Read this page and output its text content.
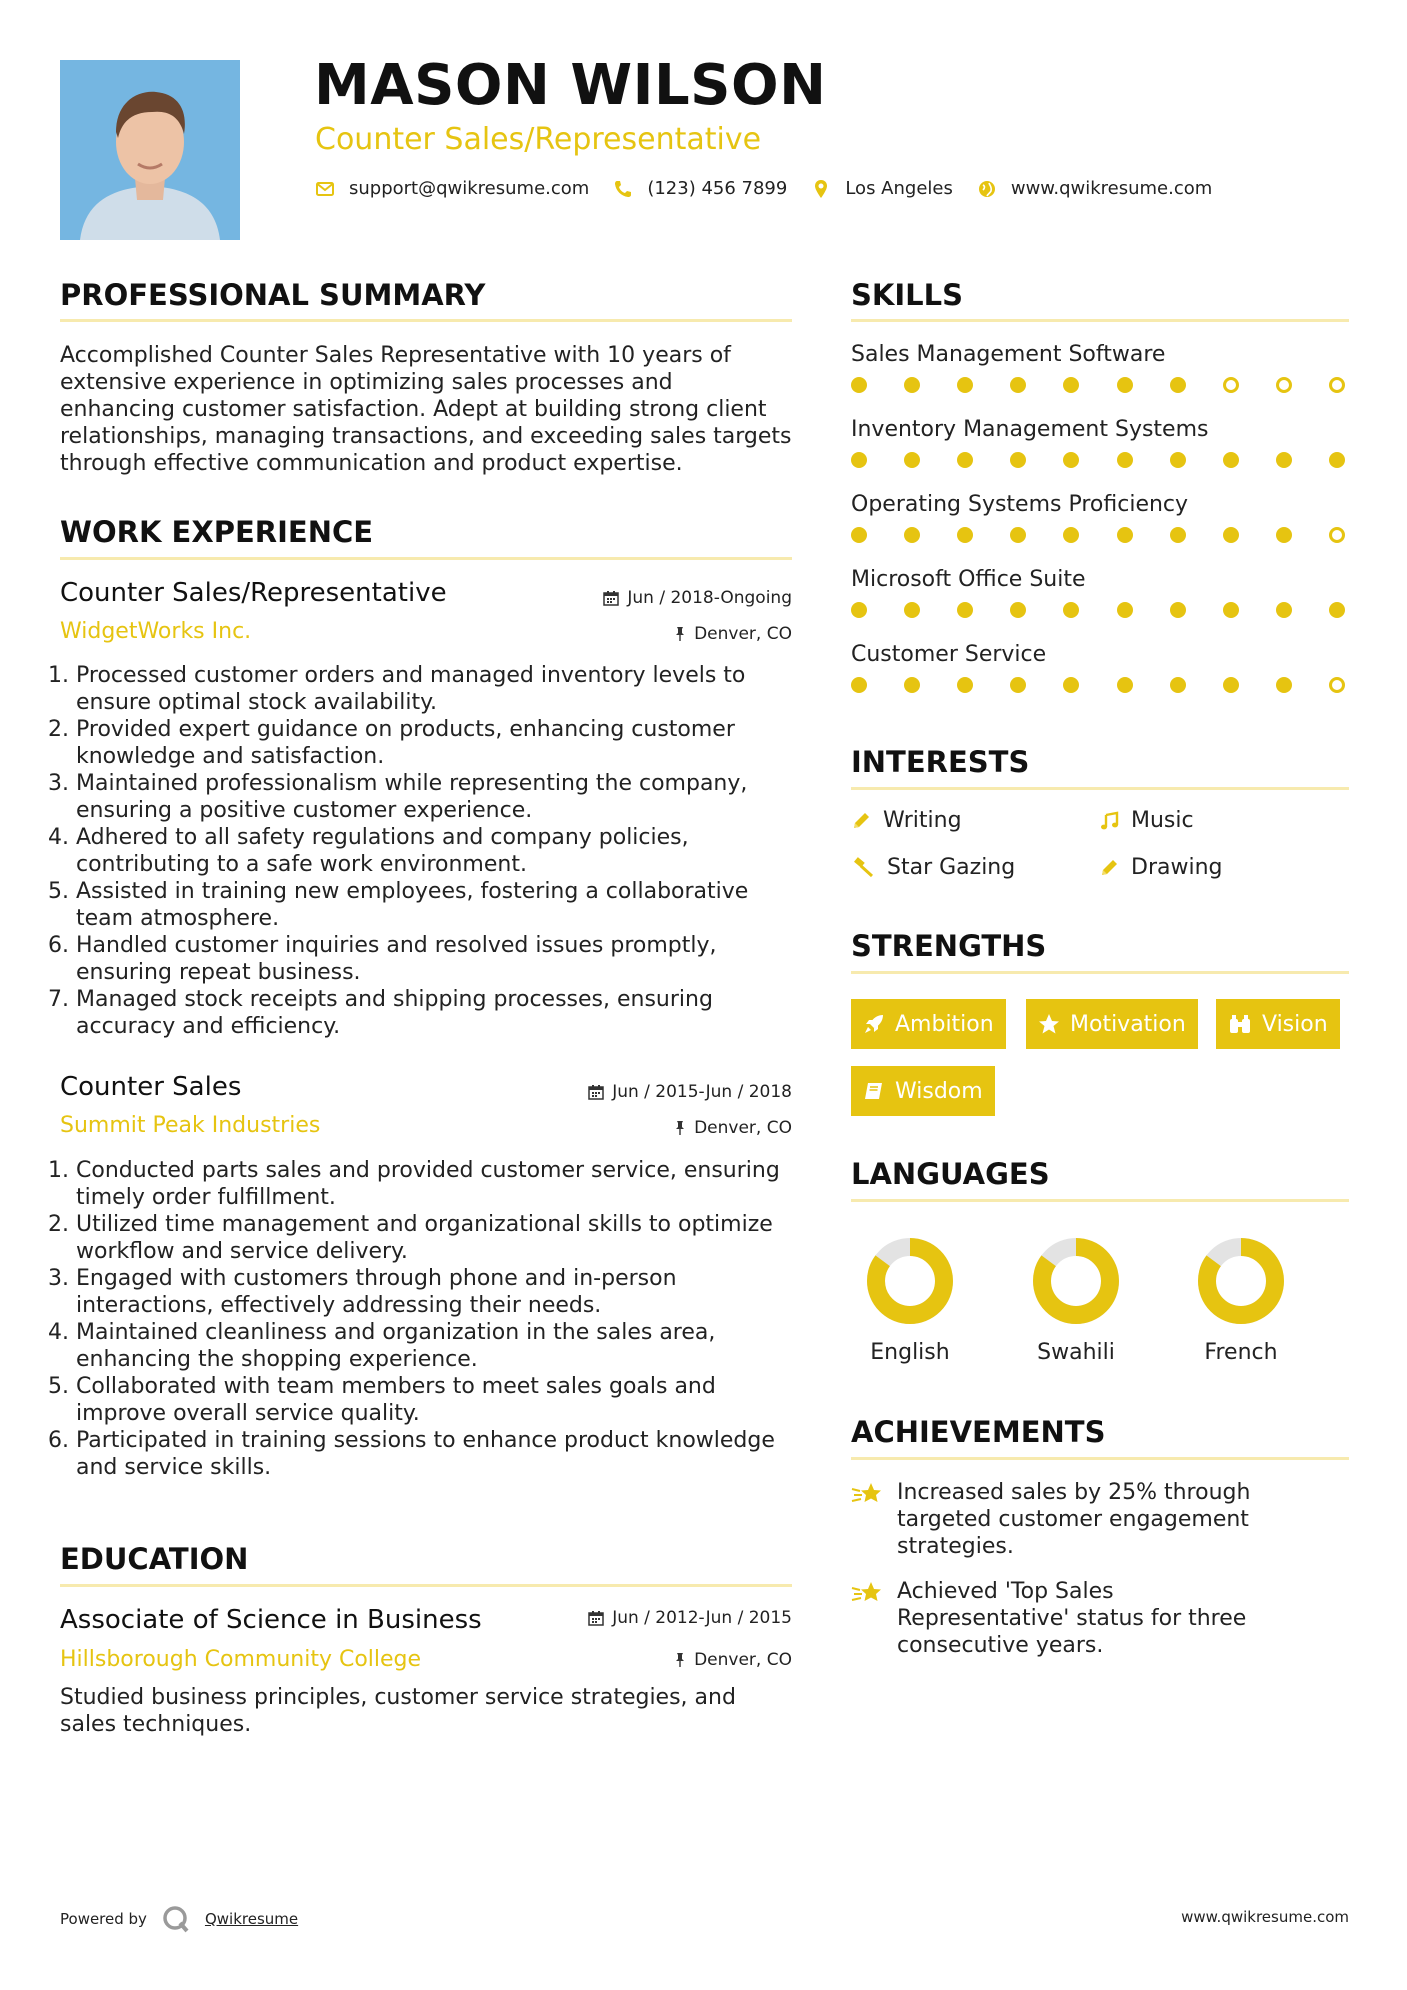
MASON WILSON
Counter Sales/Representative
support@qwikresume.com	(123) 456 7899	Los Angeles	www.qwikresume.com
PROFESSIONAL SUMMARY
Accomplished Counter Sales Representative with 10 years of extensive experience in optimizing sales processes and enhancing customer satisfaction. Adept at building strong client relationships, managing transactions, and exceeding sales targets through effective communication and product expertise.
WORK EXPERIENCE
Counter Sales/Representative	Jun / 2018-Ongoing
WidgetWorks Inc.	Denver, CO
1. Processed customer orders and managed inventory levels to ensure optimal stock availability.
2. Provided expert guidance on products, enhancing customer knowledge and satisfaction.
3. Maintained professionalism while representing the company, ensuring a positive customer experience.
4. Adhered to all safety regulations and company policies, contributing to a safe work environment.
5. Assisted in training new employees, fostering a collaborative team atmosphere.
6. Handled customer inquiries and resolved issues promptly, ensuring repeat business.
7. Managed stock receipts and shipping processes, ensuring accuracy and efficiency.
Counter Sales	Jun / 2015-Jun / 2018
Summit Peak Industries	Denver, CO
1. Conducted parts sales and provided customer service, ensuring timely order fulfillment.
2. Utilized time management and organizational skills to optimize workflow and service delivery.
3. Engaged with customers through phone and in-person interactions, effectively addressing their needs.
4. Maintained cleanliness and organization in the sales area, enhancing the shopping experience.
5. Collaborated with team members to meet sales goals and improve overall service quality.
6. Participated in training sessions to enhance product knowledge and service skills.
EDUCATION
Associate of Science in Business	Jun / 2012-Jun / 2015
Hillsborough Community College	Denver, CO
Studied business principles, customer service strategies, and sales techniques.
SKILLS
Sales Management Software
Inventory Management Systems
Operating Systems Proficiency
Microsoft Office Suite
Customer Service
INTERESTS
Writing	Music
Star Gazing	Drawing
STRENGTHS
Ambition	Motivation	Vision
Wisdom
LANGUAGES
English	Swahili	French
ACHIEVEMENTS
Increased sales by 25% through targeted customer engagement strategies.
Achieved 'Top Sales Representative' status for three consecutive years.
Powered by	Qwikresume	www.qwikresume.com
